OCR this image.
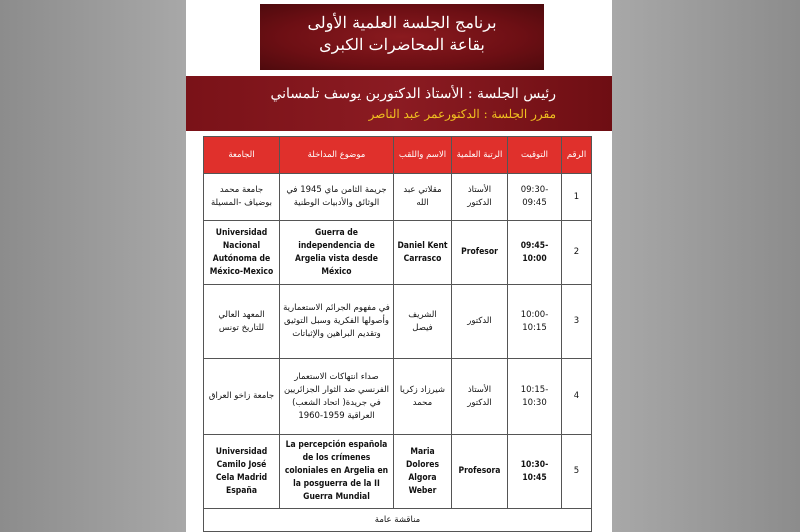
برنامج الجلسة العلمية الأولى
بقاعة المحاضرات الكبرى
رئيس الجلسة : الأستاذ الدكتوربن يوسف تلمساني
مقرر الجلسة : الدكتورعمر عبد الناصر
الرقم	التوقيت	الرتبة العلمية	الاسم واللقب	موضوع المداخلة	الجامعة
1	09:30-09:45	الأستاذ الدكتور	مقلاتي عبد الله	جريمة الثامن ماي 1945 في الوثائق والأدبيات الوطنية	جامعة محمد بوضياف -المسيلة
2	09:45-10:00	Profesor	Daniel Kent Carrasco	Guerra de independencia de Argelia vista desde México	Universidad Nacional Autónoma de México-Mexico
3	10:00-10:15	الدكتور	الشريف فيصل	في مفهوم الجرائم الاستعمارية وأصولها الفكرية وسبل التوثيق وتقديم البراهين والإثباتات	المعهد العالي للتاريخ تونس
4	10:15-10:30	الأستاذ الدكتور	شيرزاد زكريا محمد	صداء انتهاكات الاستعمار الفرنسي ضد الثوار الجزائريين في جريدة( اتحاد الشعب) العراقية 1959-1960	جامعة زاخو العراق
5	10:30-10:45	Profesora	Maria Dolores Algora Weber	La percepción española de los crímenes coloniales en Argelia en la posguerra de la II Guerra Mundial	Universidad Camilo José Cela Madrid España
مناقشة عامة					
